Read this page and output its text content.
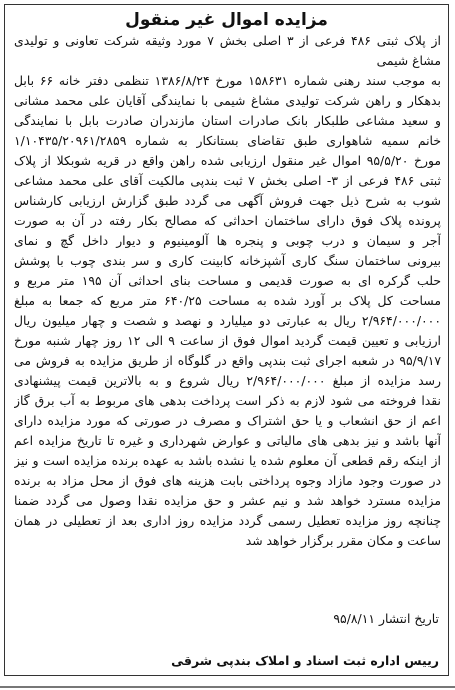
مزایده اموال غیر منقول
از پلاک ثبتی ۴۸۶ فرعی از ۳ اصلی بخش ۷ مورد وثیقه شرکت تعاونی و تولیدی
مشاغ شیمی
به موجب سند رهنی شماره ۱۵۸۶۳۱ مورخ ۱۳۸۶/۸/۲۴ تنظمی دفتر خانه ۶۶ بابل
بدهکار و راهن شرکت تولیدی مشاغ شیمی با نمایندگی آقایان علی محمد مشانی
و سعید مشاعی طلبکار بانک صادرات استان مازندران صادرت بابل با نمایندگی
خانم سمیه شاهواری طبق تقاضای بستانکار به شماره ۱/۱۰۴۳۵/۲۰۹۶۱/۲۸۵۹
مورخ ۹۵/۵/۲۰ اموال غیر منقول ارزیابی شده راهن واقع در قریه شوبکلا از پلاک
ثبتی ۴۸۶ فرعی از ۳- اصلی بخش ۷ ثبت بندپی مالکیت آقای علی محمد مشاعی
شوب به شرح ذیل جهت فروش آگهی می گردد طبق گزارش ارزیابی کارشناس
پرونده پلاک فوق دارای ساختمان احداثی که مصالح بکار رفته در آن به صورت
آجر و سیمان و درب چوبی و پنجره ها آلومینیوم و دیوار داخل گچ و نمای
بیرونی ساختمان سنگ کاری آشپزخانه کابینت کاری و سر بندی چوب با پوشش
حلب گرکره ای به صورت قدیمی و مساحت بنای احداثی آن ۱۹۵ متر مربع و
مساحت کل پلاک بر آورد شده به مساحت ۶۴۰/۲۵ متر مربع که جمعا به مبلغ
۲/۹۶۴/۰۰۰/۰۰۰ ریال به عبارتی دو میلیارد و نهصد و شصت و چهار میلیون ریال
ارزیابی و تعیین قیمت گردید اموال فوق از ساعت ۹ الی ۱۲ روز چهار شنبه مورخ
۹۵/۹/۱۷ در شعبه اجرای ثبت بندپی واقع در گلوگاه از طریق مزایده به فروش می
رسد مزایده از مبلغ ۲/۹۶۴/۰۰۰/۰۰۰ ریال شروع و به بالاترین قیمت پیشنهادی
نقدا فروخته می شود لازم به ذکر است پرداخت بدهی های مربوط به آب برق گاز
اعم از حق انشعاب و یا حق اشتراک و مصرف در صورتی که مورد مزایده دارای
آنها باشد و نیز بدهی های مالیاتی و عوارض شهرداری و غیره تا تاریخ مزایده اعم
از اینکه رقم قطعی آن معلوم شده یا نشده باشد به عهده برنده مزایده است و نیز
در صورت وجود مازاد وجوه پرداختی بابت هزینه های فوق از محل مزاد به برنده
مزایده مسترد خواهد شد و نیم عشر و حق مزایده نقدا وصول می گردد ضمنا
چنانچه روز مزایده تعطیل رسمی گردد مزایده روز اداری بعد از تعطیلی در همان
ساعت و مکان مقرر برگزار خواهد شد
تاریخ انتشار ۹۵/۸/۱۱
رییس اداره ثبت اسناد و املاک بندپی شرقی
